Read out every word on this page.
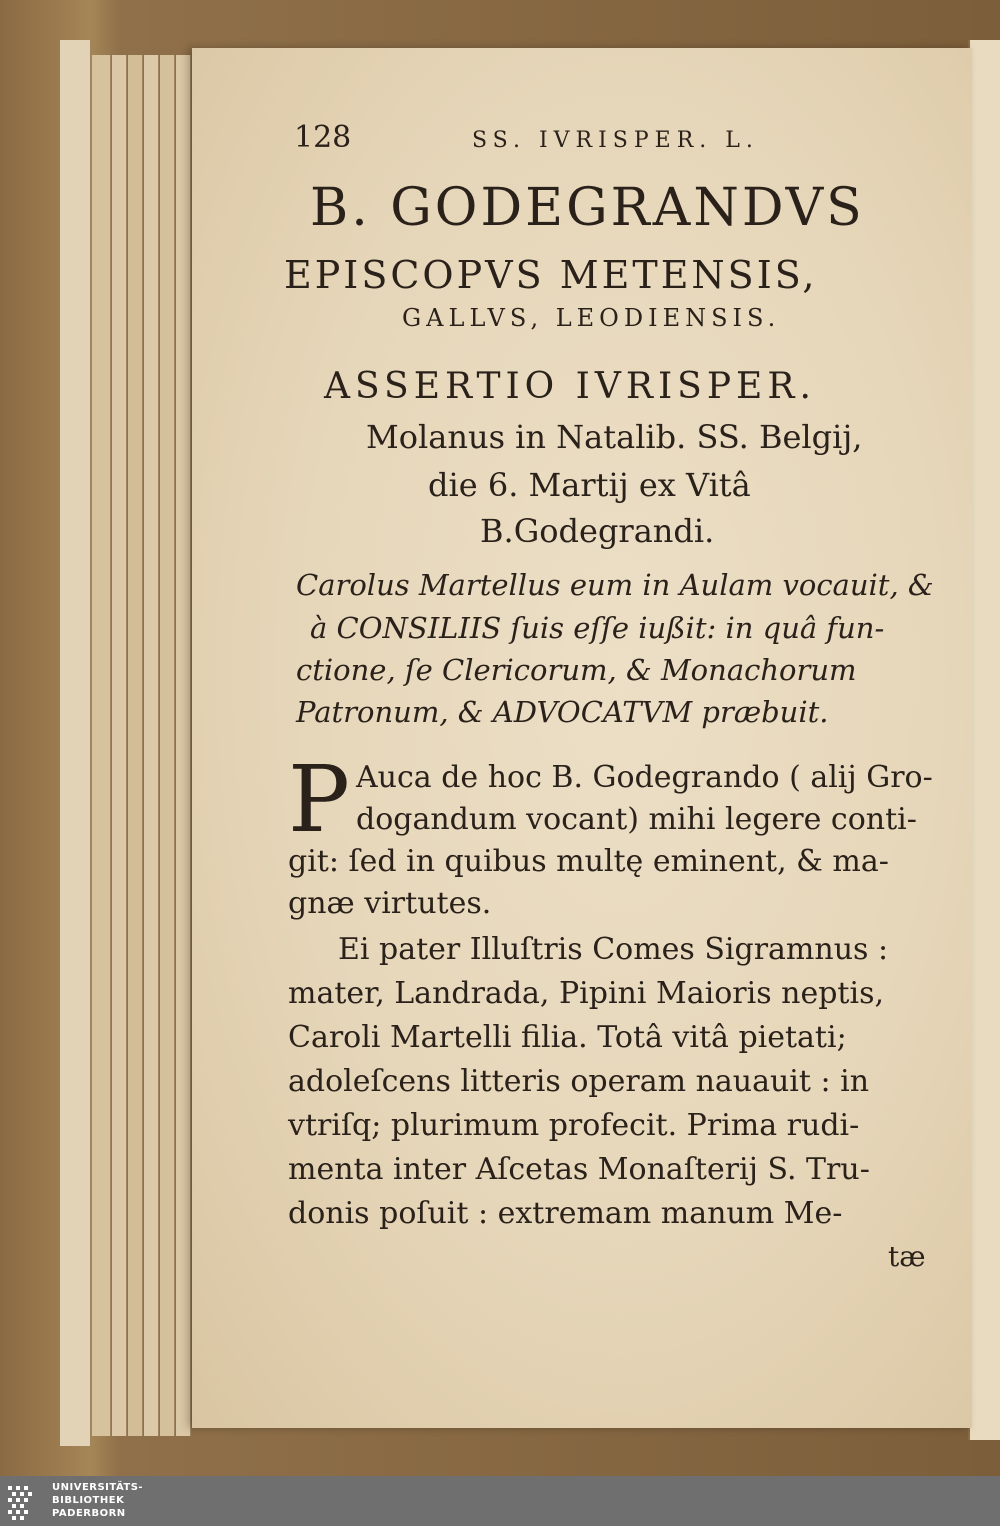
128	SS. IVRISPER. L.
B. GODEGRANDVS
EPISCOPVS METENSIS,
GALLVS, LEODIENSIS.
ASSERTIO IVRISPER.
Molanus in Natalib. SS. Belgij,
die 6. Martij ex Vitâ
B.Godegrandi.
Carolus Martellus eum in Aulam vocauit, &
à CONSILIIS ſuis eſſe iußit: in quâ fun-
ctione, ſe Clericorum, & Monachorum
Patronum, & ADVOCATVM præbuit.
P Auca de hoc B. Godegrando ( alij Gro-
dogandum vocant) mihi legere conti-
git: ſed in quibus multę eminent, & ma-
gnæ virtutes.
Ei pater Illuſtris Comes Sigramnus :
mater, Landrada, Pipini Maioris neptis,
Caroli Martelli filia. Totâ vitâ pietati;
adoleſcens litteris operam nauauit : in
vtriſq; plurimum profecit. Prima rudi-
menta inter Aſcetas Monaſterij S. Tru-
donis poſuit : extremam manum Me-
tæ
UNIVERSITÄTS-
BIBLIOTHEK
PADERBORN
